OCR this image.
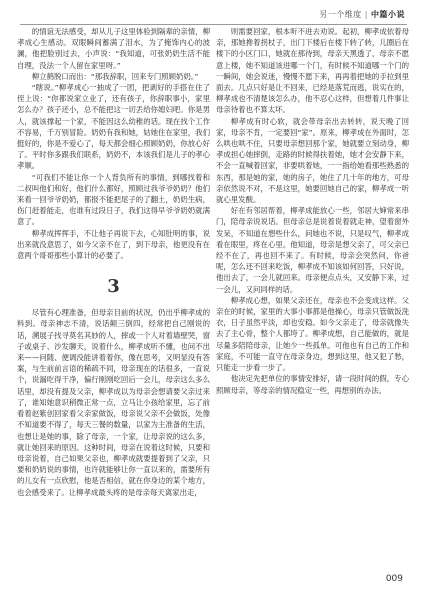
另一个维度 | 中篇小说

的情谊无法感受，却从儿子这里体验到隔辈的亲情，柳孝成心生感动。双眼瞬间蓄满了泪水，为了掩饰内心的波澜，他把脸别过去，小声说：“我知道，可张奶奶生活不能自理，没法一个人留在家里呀。”

柳立鹤脱口而出：“那我辞职，回来专门照顾奶奶。”

“瞎说。”柳孝成心一抽成了一团，把剥好的手搭在住了侄上说：“你都说家立业了，还有孩子，你辞职事小，家里怎么办？孩子还小，总不能把这一切丢给你媳妇吧。你是男人，就该撑起一个家，不能因这么幼稚的话。现在找个工作不容易，千万别冒险。奶奶有我和她，姑她住在家里，我们挺好的，你是不爱心了，每天都会细心照顾奶奶，你放心好了。平时你多跟我们联系，奶奶不，本该我们是儿子的孝心孝顺。

“可我们不能让你一个人背负所有的事情，到哪找着和二叔叫他们和好，他们什么都好，照顾过我爷爷奶奶？他们来看一回爷爷奶奶，都报不能把尾子的了翻土，奶奶生病，伤门赶着能走，也谁有过段日子，我们这得早爷爷奶奶就满意了。

柳孝成挥挥手，不让他子再说下去，心知肚明的事，说出来就没意思了，如今父亲不在了，到下母亲，他更没有在意两个哥哥那些小算计的必要了。

3

尽管有心理准备，但母亲目前的状况，仍出乎柳孝成的料到。母亲神志不清，说话颠三倒四，经常把自己刚说的话，溯展子找寻莫名其妙的人，摔或一个人对着墙壁哭，窗子或桌子、沙发聊天，说着什么，柳孝成听不懂，也问不出来——问随、便调没能讲着着你，像在思考，又明显没有答案，与生前前言语的稀疏不同，母亲现在的话很多，一直说个，说漏吃得干净，偏行刚刚吃回后一会儿，母亲这么多么话里，却没有提及父亲，柳孝成以为母亲会想请要父亲过来了，谁知她意识稍微正常一点，立马让小孩给家里，忘了前看着赵紫创回家看父亲家做饭，母亲说父亲不会做饭，处像不知道要不得了，每天三餐的数量，以家为主准备的生活，也想让是她的事，除了母亲，一个家，让母亲说的这么多，就让她回来的原因。这种时间，母亲在说着这时候，只要和母亲说着，自己如果父亲也，柳孝成就要提着到了父亲，只要和奶奶说的事情，也许就能够让你一直以来的，需要所有的儿女有一点欣慰，他是否相信，就在你身边的某个地方，也会感受来了。让柳孝成最头疼的是母亲每天离家出走，

则需要回家，根本听不进去劝说。起初，柳孝成依着母亲，那她搀着拐杖子，出门下楼后在楼下转了转，儿圈后在楼下的小区门口，她就在那待到，母亲天黑透了，母亲不愿意上楼，她不知道该进哪一个门，有时候不知道哪一个门的一瞬间，她会说迷，慢慢不愿下来，再再着把她的手拉到里面去。几点只好是让不回来，已经是落荒而逃，说实在的，柳孝成也不清楚该怎么办，他不忍心这样，但想着几件事让母亲待着也不算太坏。

柳孝成有时心软，就会带母亲出去转转，说天晚了回家，母亲不肯，一定要回“家”。原来，柳孝成在外面时，怎么哄也哄不住，只要母亲想回那个家，她就要立刻动身，柳孝成担心她摔倒，走路的时候得扶着她，她才会安静下来，不会一直喊着回家，非要哄着她，一一指给她看那些熟悉的东西，那是她的家，她的房子，她住了几十年的地方，可母亲依然说不对，不是这里，她要回她自己的家，柳孝成一听就心里发酸。

好在有邻居帮着，柳孝成能放心一些，邻居大婶常来串门，陪母亲说说话。但母亲总是说着说着就走神，望着窗外发呆，不知道在想些什么，问她也不说，只是叹气，柳孝成看在眼里，疼在心里。他知道，母亲是想父亲了，可父亲已经不在了，再也回不来了。有时候，母亲会突然问，你爸呢，怎么还不回来吃饭，柳孝成不知该如何回答，只好说，他出去了，一会儿就回来。母亲便点点头，又安静下来，过一会儿，又问同样的话。

柳孝成心想，如果父亲还在，母亲也不会变成这样。父亲在的时候，家里的大事小事都是他操心，母亲只管做饭洗衣，日子虽然平淡，却也安稳。如今父亲走了，母亲就像失去了主心骨，整个人都垮了。柳孝成想，自己能做的，就是尽量多陪陪母亲，让她少一些孤单。可他也有自己的工作和家庭，不可能一直守在母亲身边，想到这里，他又犯了愁，只能走一步看一步了。

他决定先把单位的事情安排好，请一段时间的假，专心照顾母亲，等母亲的情况稳定一些，再想别的办法。

009
